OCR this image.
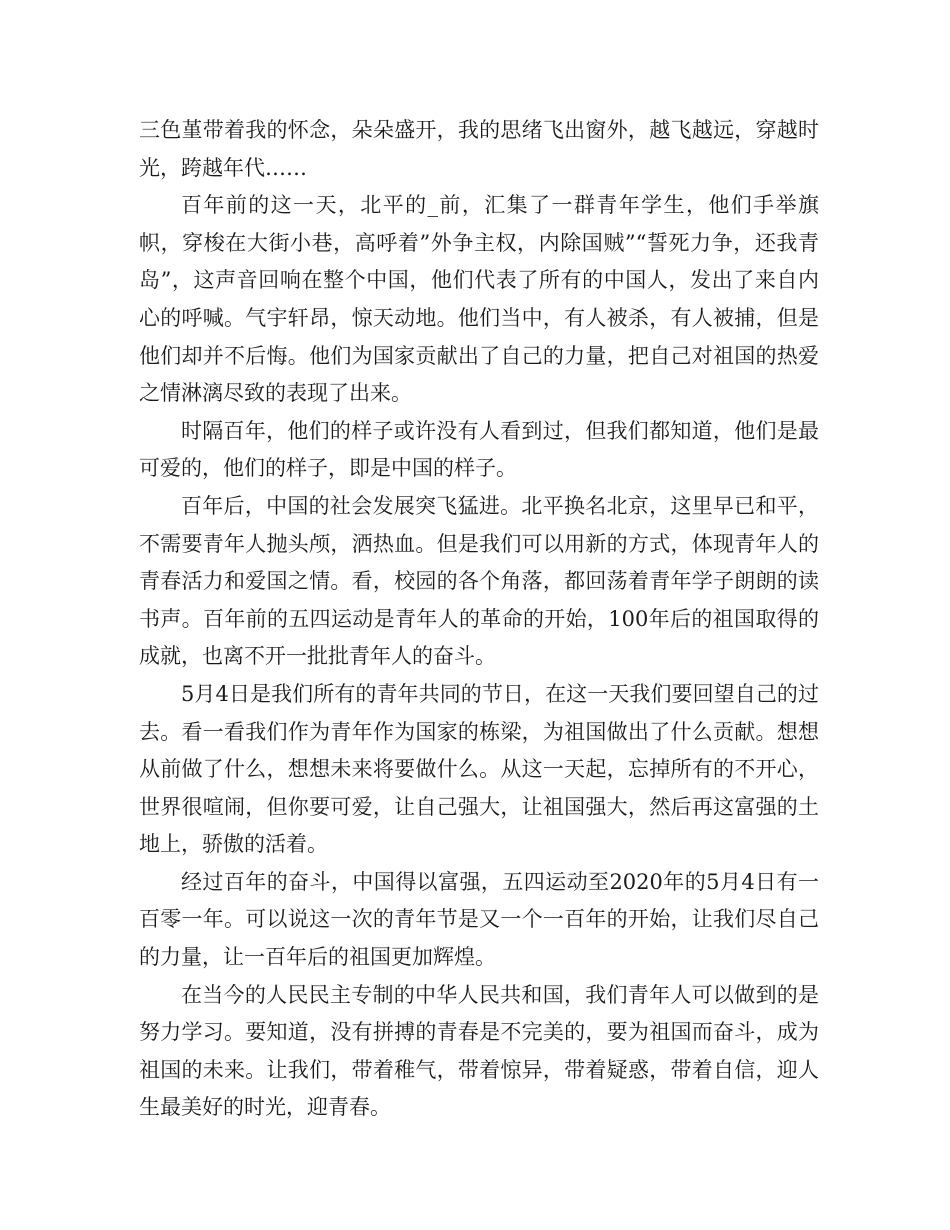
三色堇带着我的怀念，朵朵盛开，我的思绪飞出窗外，越飞越远，穿越时光，跨越年代……

百年前的这一天，北平的_前，汇集了一群青年学生，他们手举旗帜，穿梭在大街小巷，高呼着”外争主权，内除国贼”“誓死力争，还我青岛”，这声音回响在整个中国，他们代表了所有的中国人，发出了来自内心的呼喊。气宇轩昂，惊天动地。他们当中，有人被杀，有人被捕，但是他们却并不后悔。他们为国家贡献出了自己的力量，把自己对祖国的热爱之情淋漓尽致的表现了出来。

时隔百年，他们的样子或许没有人看到过，但我们都知道，他们是最可爱的，他们的样子，即是中国的样子。

百年后，中国的社会发展突飞猛进。北平换名北京，这里早已和平，不需要青年人抛头颅，洒热血。但是我们可以用新的方式，体现青年人的青春活力和爱国之情。看，校园的各个角落，都回荡着青年学子朗朗的读书声。百年前的五四运动是青年人的革命的开始，100年后的祖国取得的成就，也离不开一批批青年人的奋斗。

5月4日是我们所有的青年共同的节日，在这一天我们要回望自己的过去。看一看我们作为青年作为国家的栋梁，为祖国做出了什么贡献。想想从前做了什么，想想未来将要做什么。从这一天起，忘掉所有的不开心，世界很喧闹，但你要可爱，让自己强大，让祖国强大，然后再这富强的土地上，骄傲的活着。

经过百年的奋斗，中国得以富强，五四运动至2020年的5月4日有一百零一年。可以说这一次的青年节是又一个一百年的开始，让我们尽自己的力量，让一百年后的祖国更加辉煌。

在当今的人民民主专制的中华人民共和国，我们青年人可以做到的是努力学习。要知道，没有拼搏的青春是不完美的，要为祖国而奋斗，成为祖国的未来。让我们，带着稚气，带着惊异，带着疑惑，带着自信，迎人生最美好的时光，迎青春。
